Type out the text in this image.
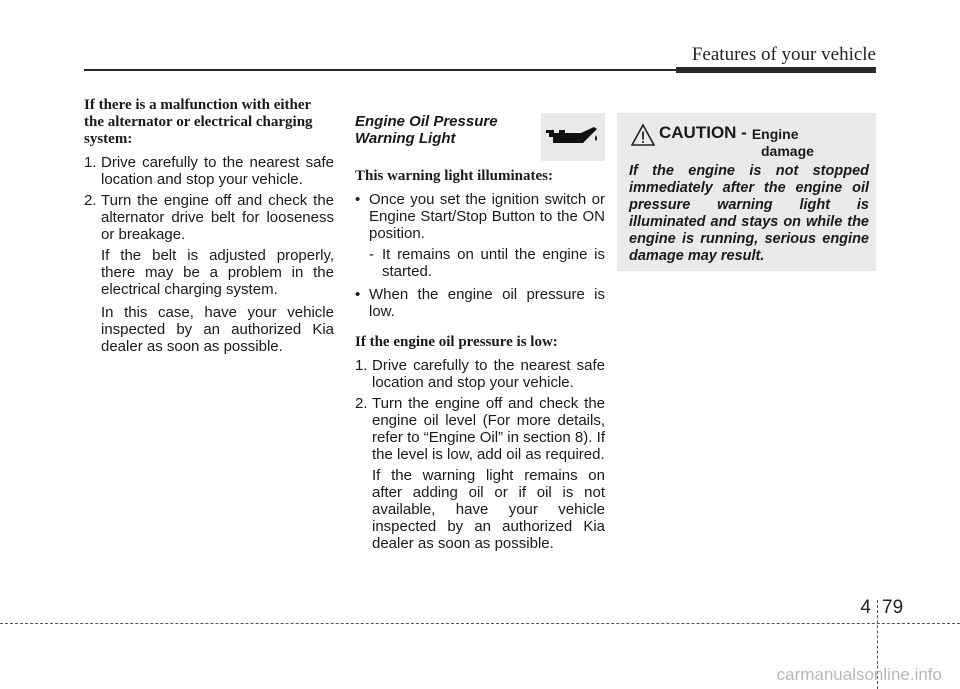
Features of your vehicle

If there is a malfunction with either the alternator or electrical charging system:

1. Drive carefully to the nearest safe location and stop your vehicle.
2. Turn the engine off and check the alternator drive belt for looseness or breakage.

If the belt is adjusted properly, there may be a problem in the electrical charging system.

In this case, have your vehicle inspected by an authorized Kia dealer as soon as possible.

Engine Oil Pressure
Warning Light

This warning light illuminates:

• Once you set the ignition switch or Engine Start/Stop Button to the ON position.
- It remains on until the engine is started.
• When the engine oil pressure is low.

If the engine oil pressure is low:

1. Drive carefully to the nearest safe location and stop your vehicle.
2. Turn the engine off and check the engine oil level (For more details, refer to “Engine Oil” in section 8). If the level is low, add oil as required.

If the warning light remains on after adding oil or if oil is not available, have your vehicle inspected by an authorized Kia dealer as soon as possible.

CAUTION - Engine
damage
If the engine is not stopped immediately after the engine oil pressure warning light is illuminated and stays on while the engine is running, serious engine damage may result.
4 79
carmanualsonline.info
